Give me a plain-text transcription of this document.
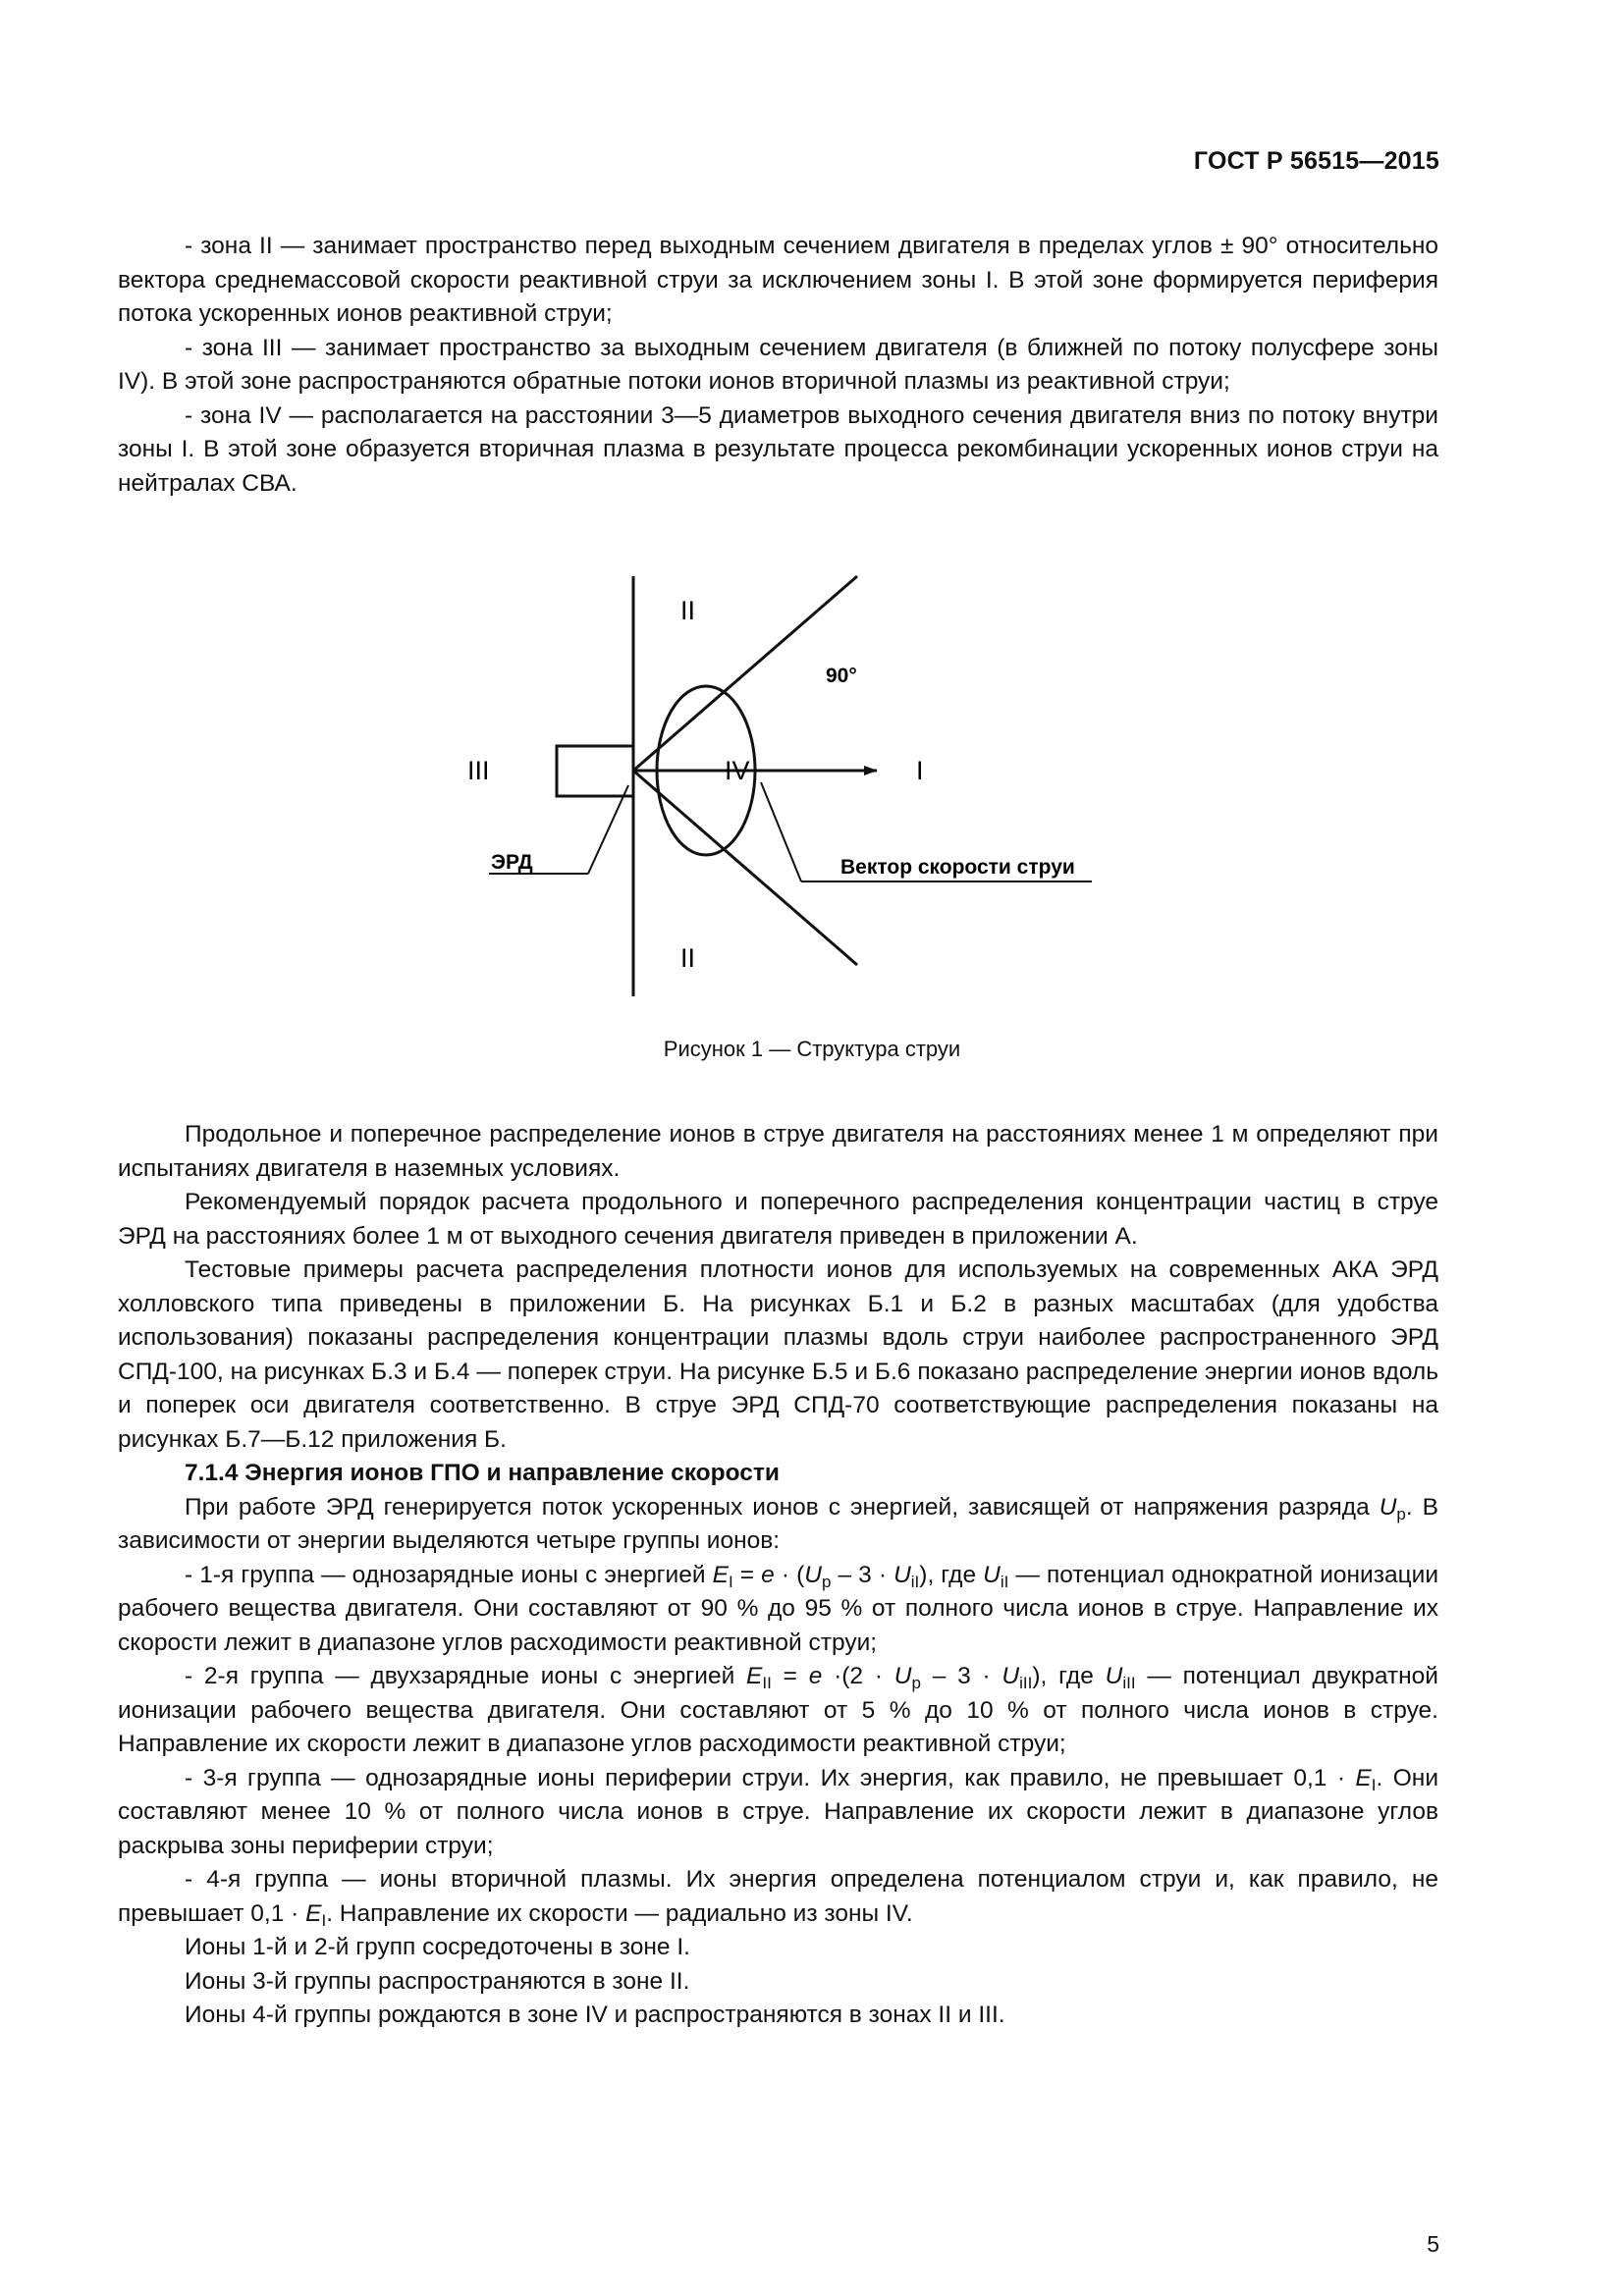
ГОСТ Р 56515—2015

- зона II — занимает пространство перед выходным сечением двигателя в пределах углов ± 90° относительно вектора среднемассовой скорости реактивной струи за исключением зоны I. В этой зоне формируется периферия потока ускоренных ионов реактивной струи;

- зона III — занимает пространство за выходным сечением двигателя (в ближней по потоку полусфере зоны IV). В этой зоне распространяются обратные потоки ионов вторичной плазмы из реактивной струи;

- зона IV — располагается на расстоянии 3—5 диаметров выходного сечения двигателя вниз по потоку внутри зоны I. В этой зоне образуется вторичная плазма в результате процесса рекомбинации ускоренных ионов струи на нейтралах СВА.

II
II
III	IV	I
90°
ЭРД	Вектор скорости струи
Рисунок 1 — Структура струи

Продольное и поперечное распределение ионов в струе двигателя на расстояниях менее 1 м определяют при испытаниях двигателя в наземных условиях.

Рекомендуемый порядок расчета продольного и поперечного распределения концентрации частиц в струе ЭРД на расстояниях более 1 м от выходного сечения двигателя приведен в приложении А.

Тестовые примеры расчета распределения плотности ионов для используемых на современных АКА ЭРД холловского типа приведены в приложении Б. На рисунках Б.1 и Б.2 в разных масштабах (для удобства использования) показаны распределения концентрации плазмы вдоль струи наиболее распространенного ЭРД СПД-100, на рисунках Б.3 и Б.4 — поперек струи. На рисунке Б.5 и Б.6 показано распределение энергии ионов вдоль и поперек оси двигателя соответственно. В струе ЭРД СПД-70 соответствующие распределения показаны на рисунках Б.7—Б.12 приложения Б.

7.1.4 Энергия ионов ГПО и направление скорости

При работе ЭРД генерируется поток ускоренных ионов с энергией, зависящей от напряжения разряда $U_р$. В зависимости от энергии выделяются четыре группы ионов:

- 1-я группа — однозарядные ионы с энергией $E_I = e \cdot (U_р - 3 \cdot U_{iI})$, где $U_{iI}$ — потенциал однократной ионизации рабочего вещества двигателя. Они составляют от 90 % до 95 % от полного числа ионов в струе. Направление их скорости лежит в диапазоне углов расходимости реактивной струи;

- 2-я группа — двухзарядные ионы с энергией $E_{II} = e \cdot(2 \cdot U_р - 3 \cdot U_{iII})$, где $U_{iII}$ — потенциал двукратной ионизации рабочего вещества двигателя. Они составляют от 5 % до 10 % от полного числа ионов в струе. Направление их скорости лежит в диапазоне углов расходимости реактивной струи;

- 3-я группа — однозарядные ионы периферии струи. Их энергия, как правило, не превышает $0,1 \cdot E_I$. Они составляют менее 10 % от полного числа ионов в струе. Направление их скорости лежит в диапазоне углов раскрыва зоны периферии струи;

- 4-я группа — ионы вторичной плазмы. Их энергия определена потенциалом струи и, как правило, не превышает $0,1 \cdot E_I$. Направление их скорости — радиально из зоны IV.

Ионы 1-й и 2-й групп сосредоточены в зоне I.

Ионы 3-й группы распространяются в зоне II.

Ионы 4-й группы рождаются в зоне IV и распространяются в зонах II и III.

5
